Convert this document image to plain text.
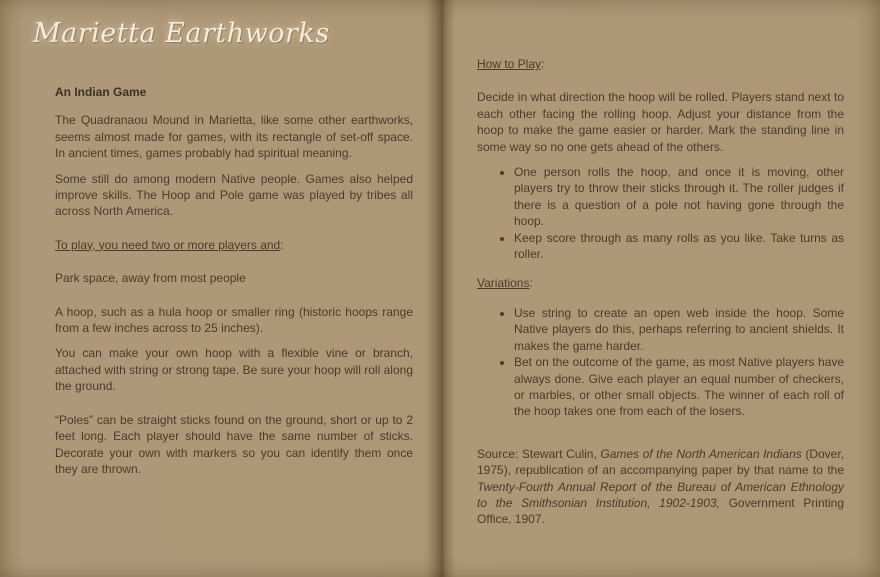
Marietta Earthworks
An Indian Game

The Quadranaou Mound in Marietta, like some other earthworks, seems almost made for games, with its rectangle of set-off space. In ancient times, games probably had spiritual meaning.

Some still do among modern Native people. Games also helped improve skills. The Hoop and Pole game was played by tribes all across North America.

To play, you need two or more players and:

Park space, away from most people

A hoop, such as a hula hoop or smaller ring (historic hoops range from a few inches across to 25 inches).

You can make your own hoop with a flexible vine or branch, attached with string or strong tape. Be sure your hoop will roll along the ground.

“Poles” can be straight sticks found on the ground, short or up to 2 feet long. Each player should have the same number of sticks. Decorate your own with markers so you can identify them once they are thrown.

How to Play:

Decide in what direction the hoop will be rolled. Players stand next to each other facing the rolling hoop. Adjust your distance from the hoop to make the game easier or harder. Mark the standing line in some way so no one gets ahead of the others.

• One person rolls the hoop, and once it is moving, other players try to throw their sticks through it. The roller judges if there is a question of a pole not having gone through the hoop.
• Keep score through as many rolls as you like. Take turns as roller.

Variations:

• Use string to create an open web inside the hoop. Some Native players do this, perhaps referring to ancient shields. It makes the game harder.
• Bet on the outcome of the game, as most Native players have always done. Give each player an equal number of checkers, or marbles, or other small objects. The winner of each roll of the hoop takes one from each of the losers.

Source: Stewart Culin, Games of the North American Indians (Dover, 1975), republication of an accompanying paper by that name to the Twenty-Fourth Annual Report of the Bureau of American Ethnology to the Smithsonian Institution, 1902-1903, Government Printing Office, 1907.
